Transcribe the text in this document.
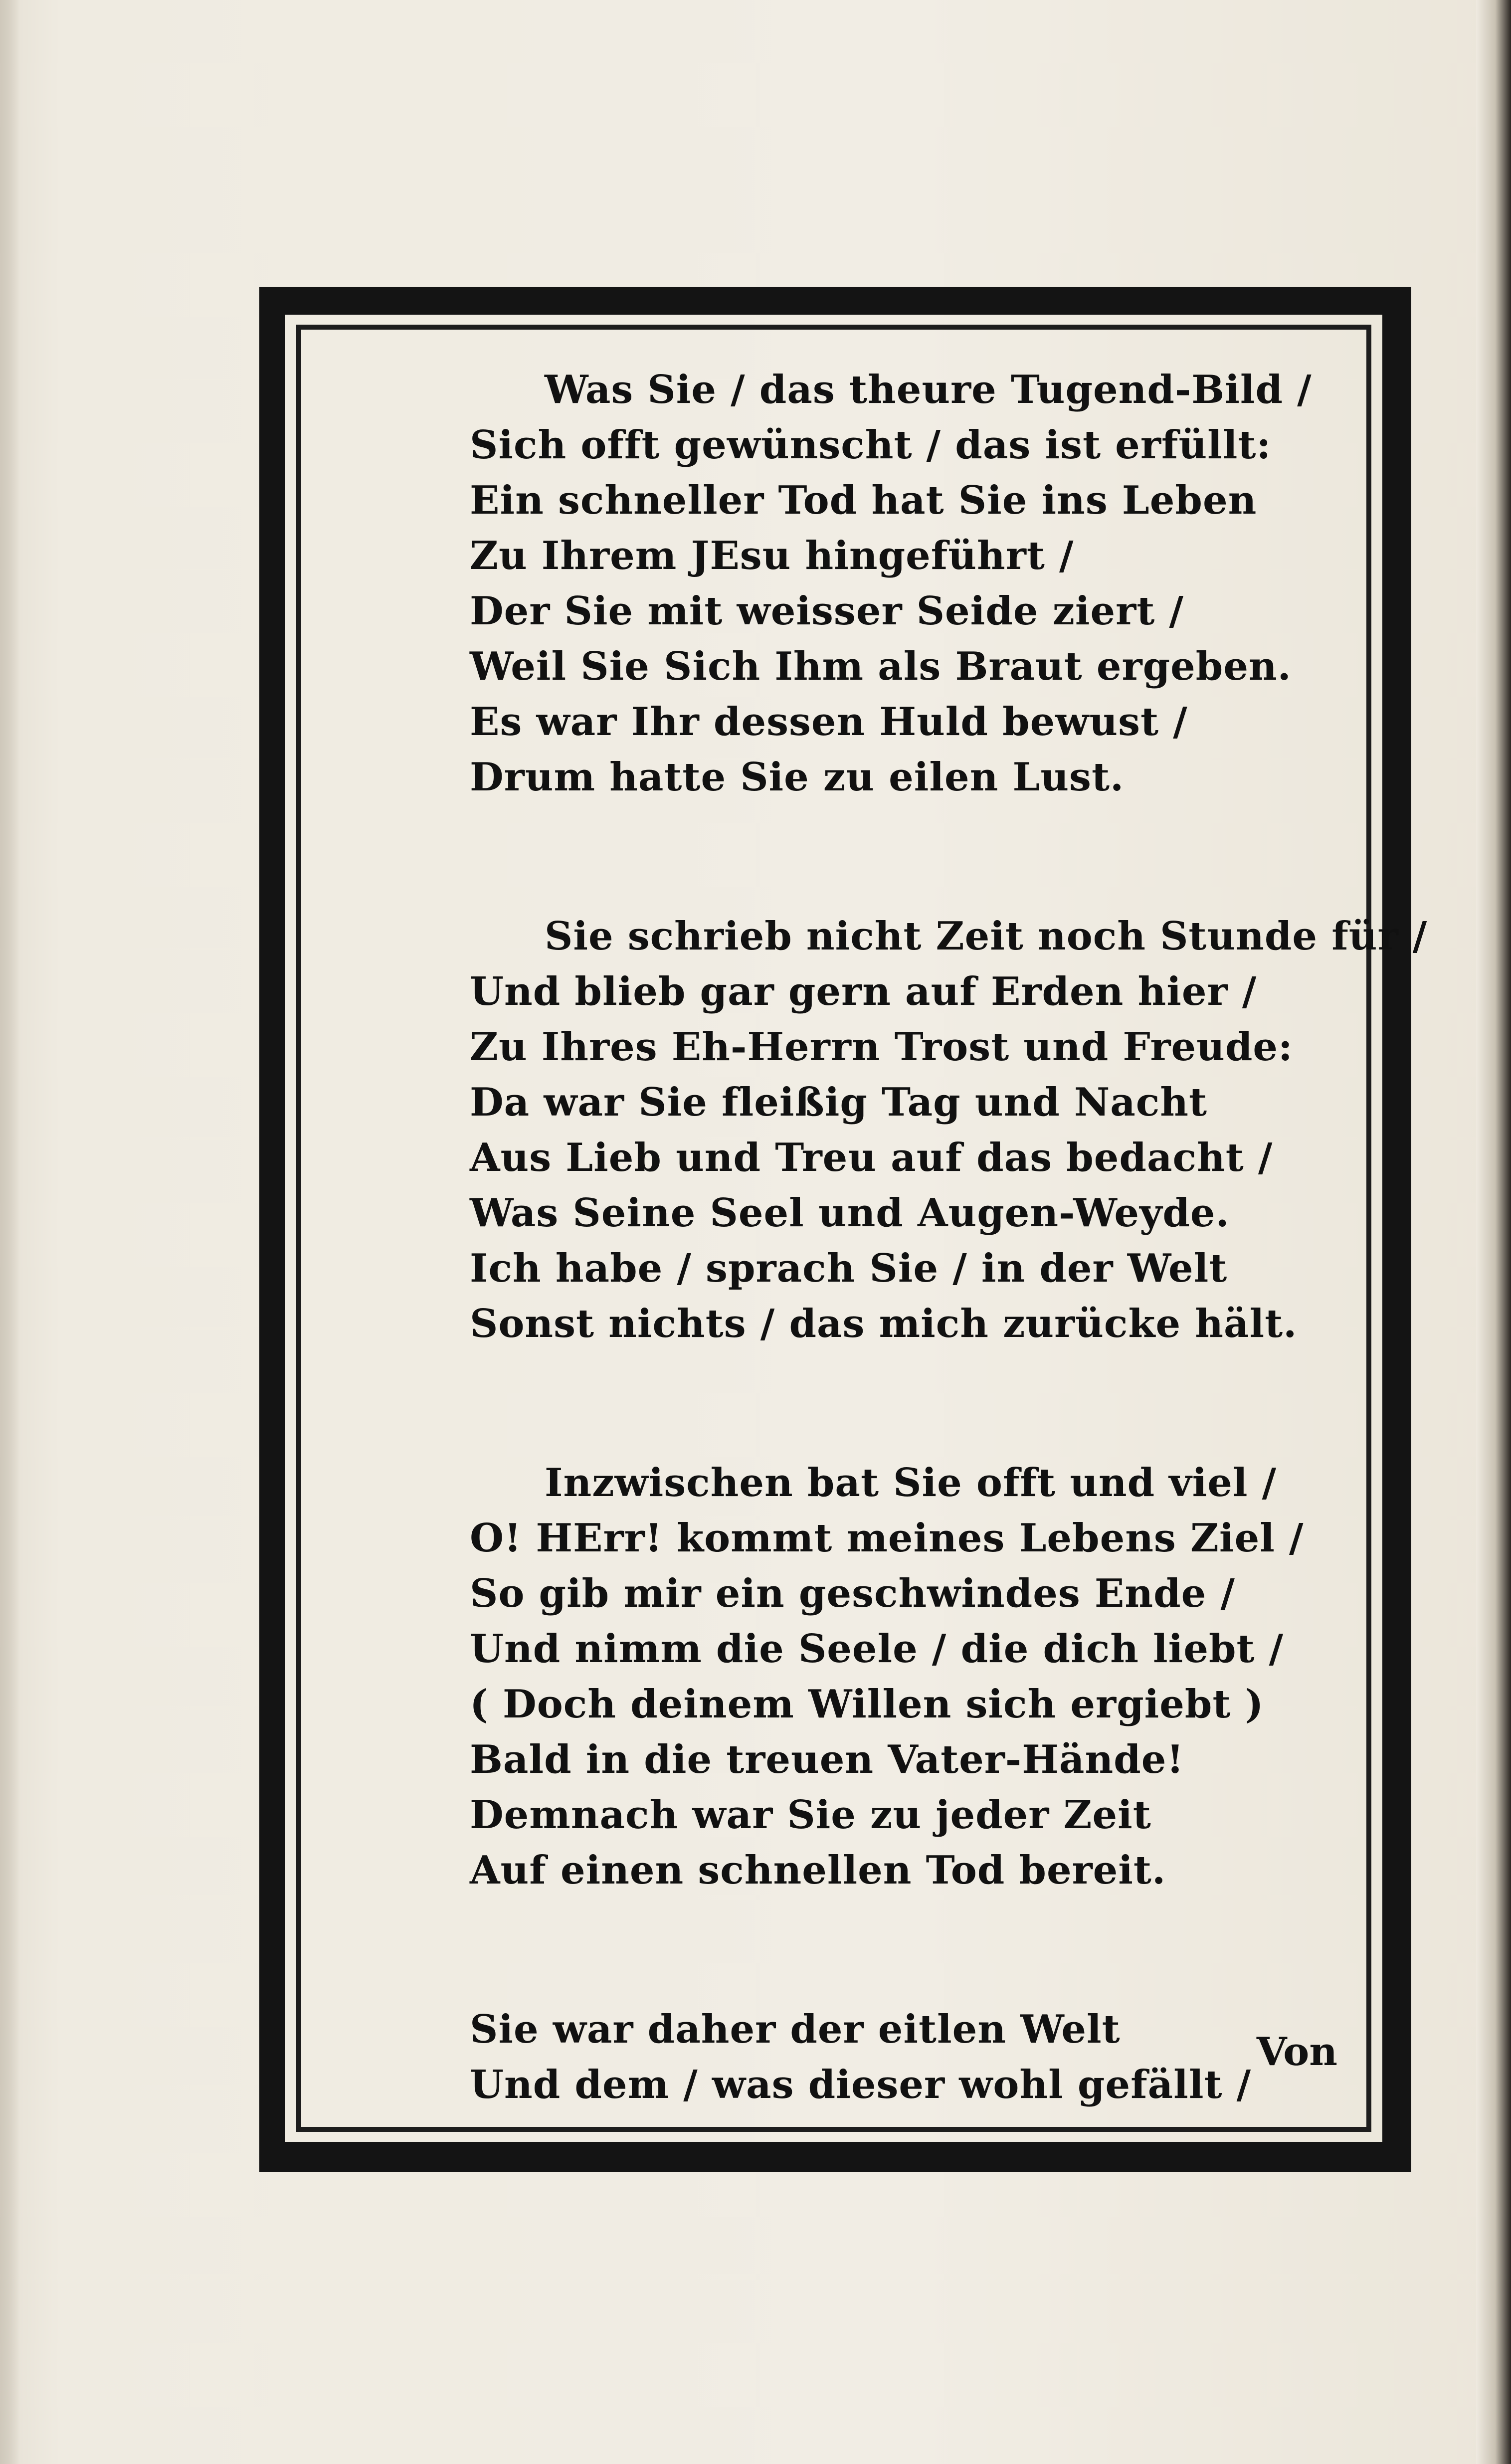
Was Sie / das theure Tugend-Bild /
Sich offt gewünscht / das ist erfüllt:
Ein schneller Tod hat Sie ins Leben
Zu Ihrem JEsu hingeführt /
Der Sie mit weisser Seide ziert /
Weil Sie Sich Ihm als Braut ergeben.
Es war Ihr dessen Huld bewust /
Drum hatte Sie zu eilen Lust.
Sie schrieb nicht Zeit noch Stunde für /
Und blieb gar gern auf Erden hier /
Zu Ihres Eh-Herrn Trost und Freude:
Da war Sie fleißig Tag und Nacht
Aus Lieb und Treu auf das bedacht /
Was Seine Seel und Augen-Weyde.
Ich habe / sprach Sie / in der Welt
Sonst nichts / das mich zurücke hält.
Inzwischen bat Sie offt und viel /
O! HErr! kommt meines Lebens Ziel /
So gib mir ein geschwindes Ende /
Und nimm die Seele / die dich liebt /
( Doch deinem Willen sich ergiebt )
Bald in die treuen Vater-Hände!
Demnach war Sie zu jeder Zeit
Auf einen schnellen Tod bereit.
Sie war daher der eitlen Welt
Und dem / was dieser wohl gefällt /
Von
